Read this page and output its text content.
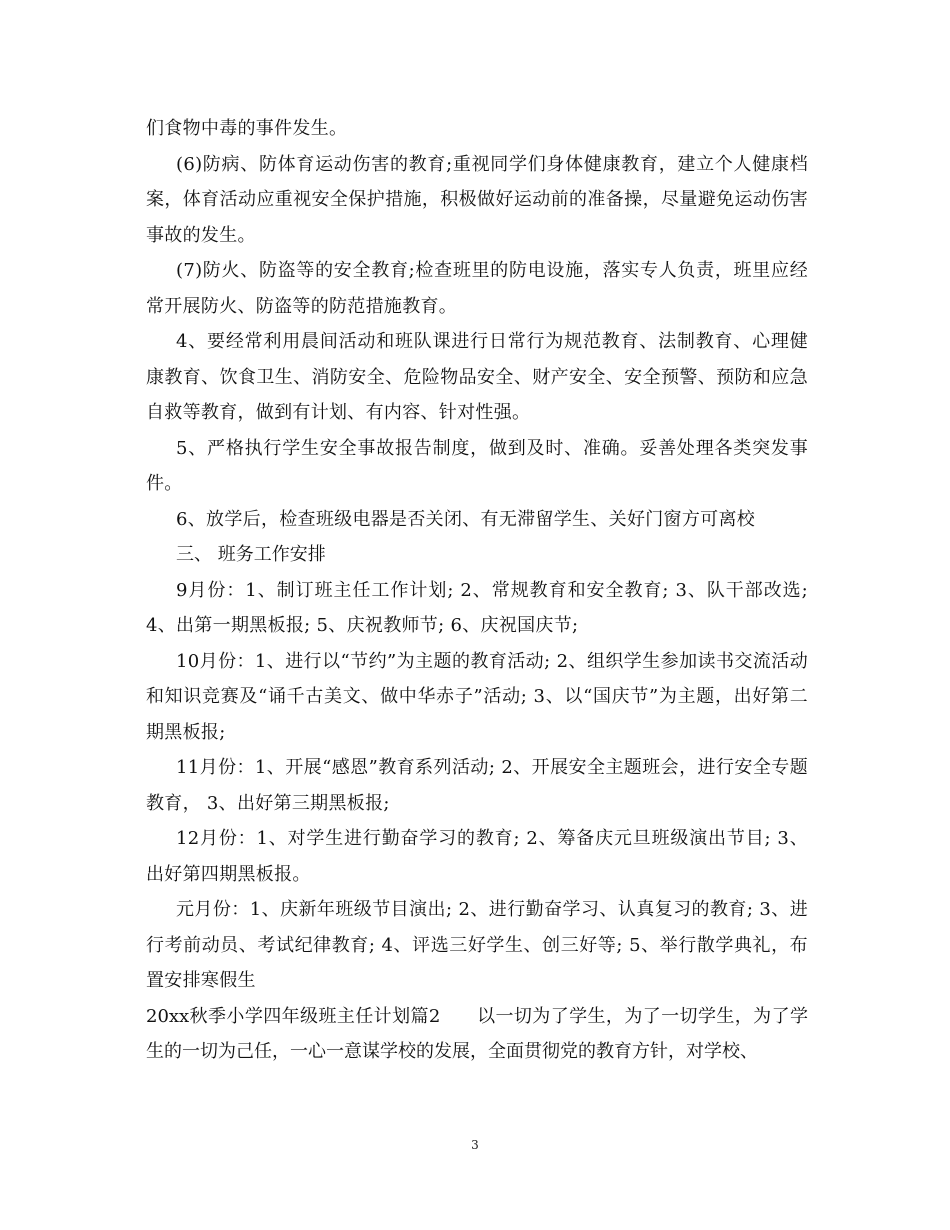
们食物中毒的事件发生。

(6)防病、防体育运动伤害的教育;重视同学们身体健康教育，建立个人健康档案，体育活动应重视安全保护措施，积极做好运动前的准备操，尽量避免运动伤害事故的发生。

(7)防火、防盗等的安全教育;检查班里的防电设施，落实专人负责，班里应经常开展防火、防盗等的防范措施教育。

4、要经常利用晨间活动和班队课进行日常行为规范教育、法制教育、心理健康教育、饮食卫生、消防安全、危险物品安全、财产安全、安全预警、预防和应急自救等教育，做到有计划、有内容、针对性强。

5、严格执行学生安全事故报告制度，做到及时、准确。妥善处理各类突发事件。

6、放学后，检查班级电器是否关闭、有无滞留学生、关好门窗方可离校

三、 班务工作安排

9月份：1、制订班主任工作计划; 2、常规教育和安全教育; 3、队干部改选; 4、出第一期黑板报; 5、庆祝教师节; 6、庆祝国庆节;

10月份：1、进行以“节约”为主题的教育活动; 2、组织学生参加读书交流活动和知识竞赛及“诵千古美文、做中华赤子”活动; 3、以“国庆节”为主题，出好第二期黑板报;

11月份：1、开展“感恩”教育系列活动; 2、开展安全主题班会，进行安全专题教育， 3、出好第三期黑板报;

12月份：1、对学生进行勤奋学习的教育; 2、筹备庆元旦班级演出节目; 3、出好第四期黑板报。

元月份：1、庆新年班级节目演出; 2、进行勤奋学习、认真复习的教育; 3、进行考前动员、考试纪律教育; 4、评选三好学生、创三好等; 5、举行散学典礼，布置安排寒假生

20xx秋季小学四年级班主任计划篇2 以一切为了学生，为了一切学生，为了学生的一切为己任，一心一意谋学校的发展，全面贯彻党的教育方针，对学校、

3
